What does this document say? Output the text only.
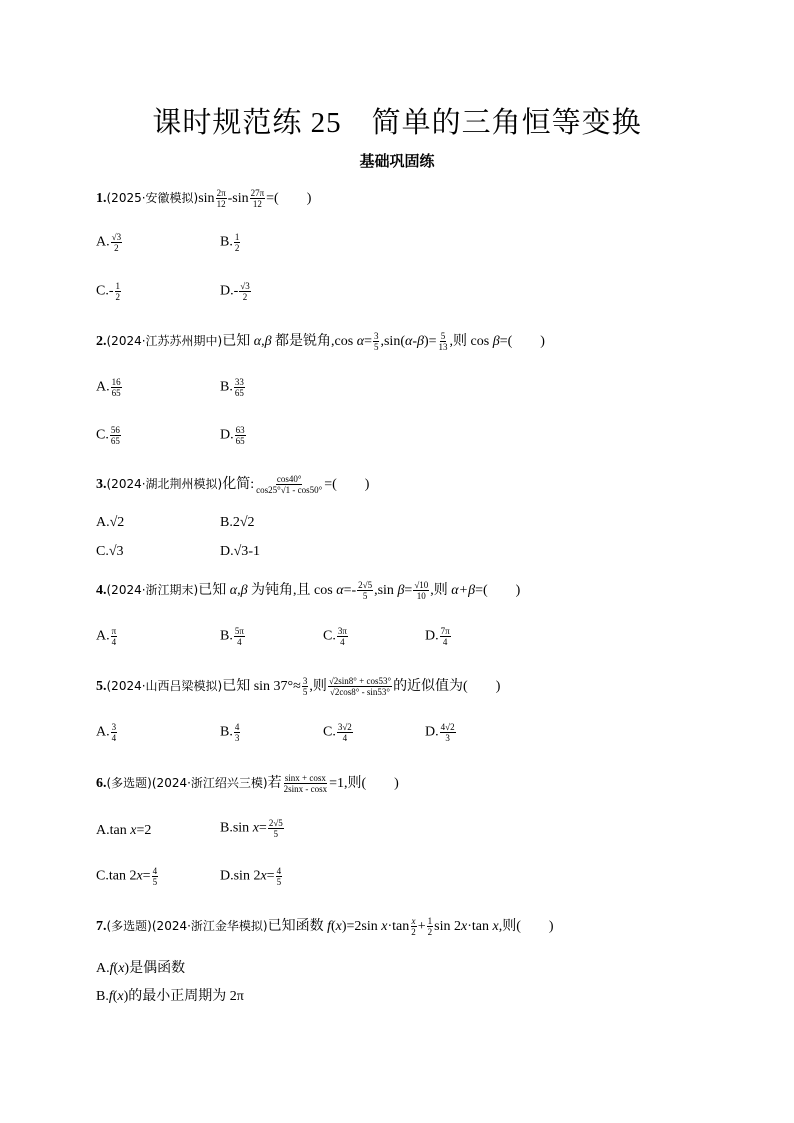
课时规范练 25　简单的三角恒等变换
基础巩固练
1.(2025·安徽模拟)$\sin \frac{2\pi}{12} -\sin \frac{27\pi}{12}$ =(　　)
A. $\frac{√3}{2}$	B. $\frac{1}{2}$
$C.- \frac{1}{2}$	$D.- \frac{√3}{2}$
2.(2024·江苏苏州期中)已知 α,β 都是锐角,cos $\alpha= \frac{3}{5} ,\sin(\alpha-\beta)= \frac{5}{13}$ ,则 cos β=(　　)
A. $\frac{16}{65}$	B. $\frac{33}{65}$
C. $\frac{56}{65}$	D. $\frac{63}{65}$
3.(2024·湖北荆州模拟)化简: $\frac{\cos 40^\circ}{\cos 25^\circ√1 - \cos 50^\circ}$ =(　　)
A.√2	B.2√2
C.√3	D.√3-1
4.(2024·浙江期末)已知 α,β 为钝角,且 $\cos \alpha=- \frac{2√5}{5} ,\sin$ $\beta= \frac{√10}{10}$ ,则 α+β=(　　)
A. $\frac{\pi}{4}$	B. $\frac{5\pi}{4}$	C. $\frac{3\pi}{4}$	D. $\frac{7\pi}{4}$
5.(2024·山西吕梁模拟)已知 $\sin 37^\circ\approx \frac{3}{5}$ ,则 $\frac{√2\sin 8^\circ + \cos 53^\circ}{√2\cos 8^\circ - \sin 53^\circ}$ 的近似值为(　　)
A. $\frac{3}{4}$	B. $\frac{4}{3}$	C. $\frac{3√2}{4}$	D. $\frac{4√2}{3}$
6.(多选题)(2024·浙江绍兴三模)若 $\frac{\sin x + \cos x}{2\sin x - \cos x} =1$,则(　　)
A.tan x=2	B.sin $x= \frac{2√5}{5}$
C.tan $2x= \frac{4}{5}$	D.sin $2x= \frac{4}{5}$
7.(多选题)(2024·浙江金华模拟)已知函数 f(x)=2sin $x\cdot\tan \frac{x}{2} + \frac{1}{2}$ sin 2x·tan x,则(　　)
A.f(x)是偶函数
B.f(x)的最小正周期为 2π
